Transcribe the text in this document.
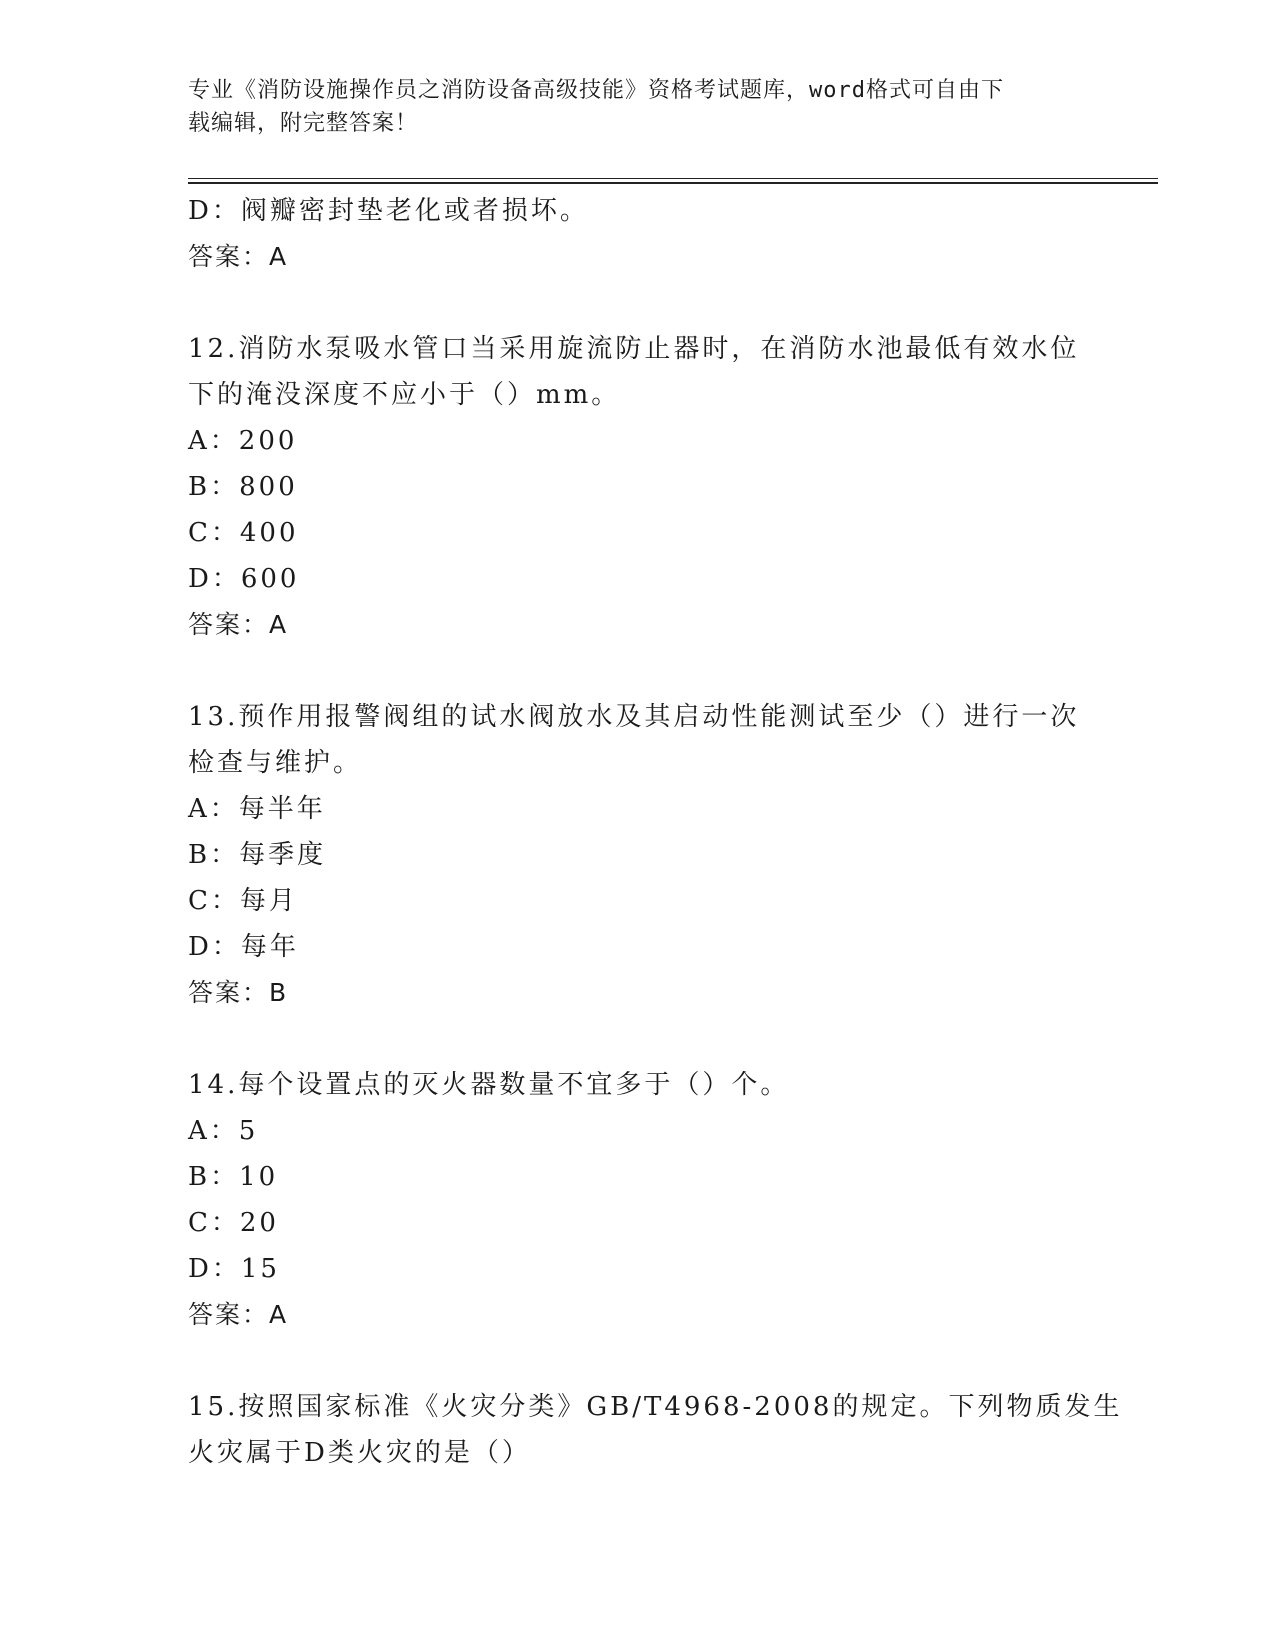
专业《消防设施操作员之消防设备高级技能》资格考试题库，word格式可自由下
载编辑，附完整答案！
D：阀瓣密封垫老化或者损坏。
答案：A
12.消防水泵吸水管口当采用旋流防止器时，在消防水池最低有效水位
下的淹没深度不应小于（）mm。
A：200
B：800
C：400
D：600
答案：A
13.预作用报警阀组的试水阀放水及其启动性能测试至少（）进行一次
检查与维护。
A：每半年
B：每季度
C：每月
D：每年
答案：B
14.每个设置点的灭火器数量不宜多于（）个。
A：5
B：10
C：20
D：15
答案：A
15.按照国家标准《火灾分类》GB/T4968-2008的规定。下列物质发生
火灾属于D类火灾的是（）
